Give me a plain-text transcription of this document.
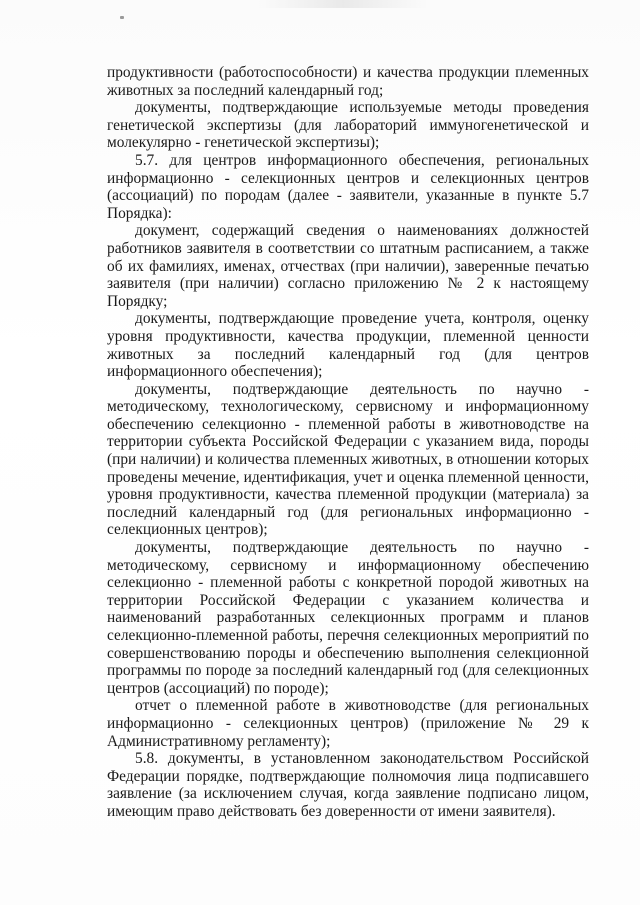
продуктивности (работоспособности) и качества продукции племенных животных за последний календарный год;

документы, подтверждающие используемые методы проведения генетической экспертизы (для лабораторий иммуногенетической и молекулярно - генетической экспертизы);

5.7. для центров информационного обеспечения, региональных информационно - селекционных центров и селекционных центров (ассоциаций) по породам (далее - заявители, указанные в пункте 5.7 Порядка):

документ, содержащий сведения о наименованиях должностей работников заявителя в соответствии со штатным расписанием, а также об их фамилиях, именах, отчествах (при наличии), заверенные печатью заявителя (при наличии) согласно приложению № 2 к настоящему Порядку;

документы, подтверждающие проведение учета, контроля, оценку уровня продуктивности, качества продукции, племенной ценности животных за последний календарный год (для центров информационного обеспечения);

документы, подтверждающие деятельность по научно - методическому, технологическому, сервисному и информационному обеспечению селекционно - племенной работы в животноводстве на территории субъекта Российской Федерации с указанием вида, породы (при наличии) и количества племенных животных, в отношении которых проведены мечение, идентификация, учет и оценка племенной ценности, уровня продуктивности, качества племенной продукции (материала) за последний календарный год (для региональных информационно - селекционных центров);

документы, подтверждающие деятельность по научно - методическому, сервисному и информационному обеспечению селекционно - племенной работы с конкретной породой животных на территории Российской Федерации с указанием количества и наименований разработанных селекционных программ и планов селекционно-племенной работы, перечня селекционных мероприятий по совершенствованию породы и обеспечению выполнения селекционной программы по породе за последний календарный год (для селекционных центров (ассоциаций) по породе);

отчет о племенной работе в животноводстве (для региональных информационно - селекционных центров) (приложение № 29 к Административному регламенту);

5.8. документы, в установленном законодательством Российской Федерации порядке, подтверждающие полномочия лица подписавшего заявление (за исключением случая, когда заявление подписано лицом, имеющим право действовать без доверенности от имени заявителя).
